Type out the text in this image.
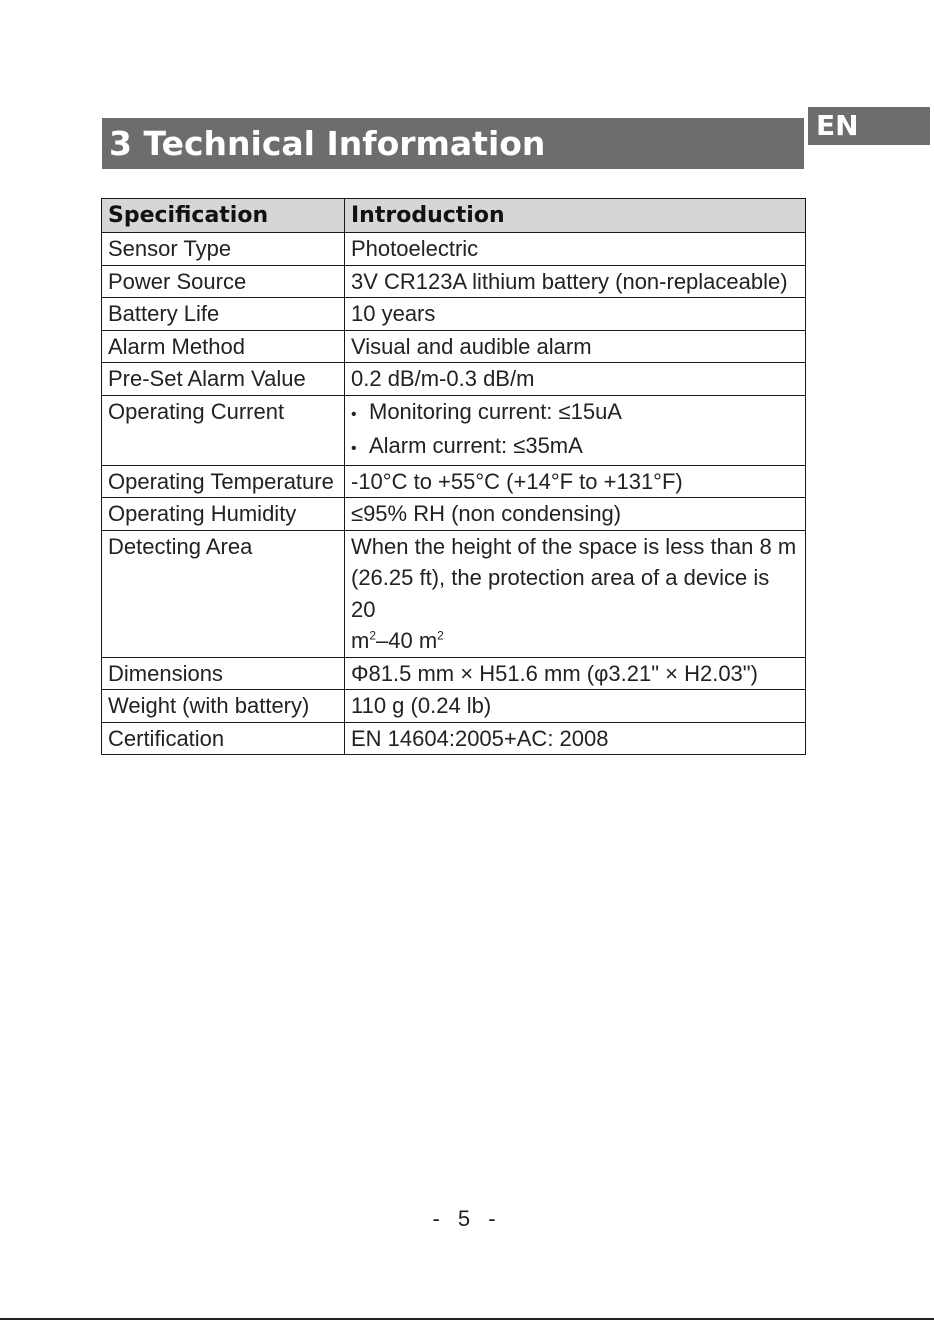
EN
3 Technical Information
Specification	Introduction
Sensor Type	Photoelectric
Power Source	3V CR123A lithium battery (non-replaceable)
Battery Life	10 years
Alarm Method	Visual and audible alarm
Pre-Set Alarm Value	0.2 dB/m-0.3 dB/m
Operating Current	• Monitoring current: ≤15uA
• Alarm current: ≤35mA

Operating Temperature	-10°C to +55°C (+14°F to +131°F)
Operating Humidity	≤95% RH (non condensing)
Detecting Area	When the height of the space is less than 8 m (26.25 ft), the protection area of a device is 20
$m^2-40$ $m^2$
Dimensions	Φ81.5 mm × H51.6 mm (φ3.21" × H2.03")
Weight (with battery)	110 g (0.24 lb)
Certification	EN 14604:2005+AC: 2008
- 5 -
